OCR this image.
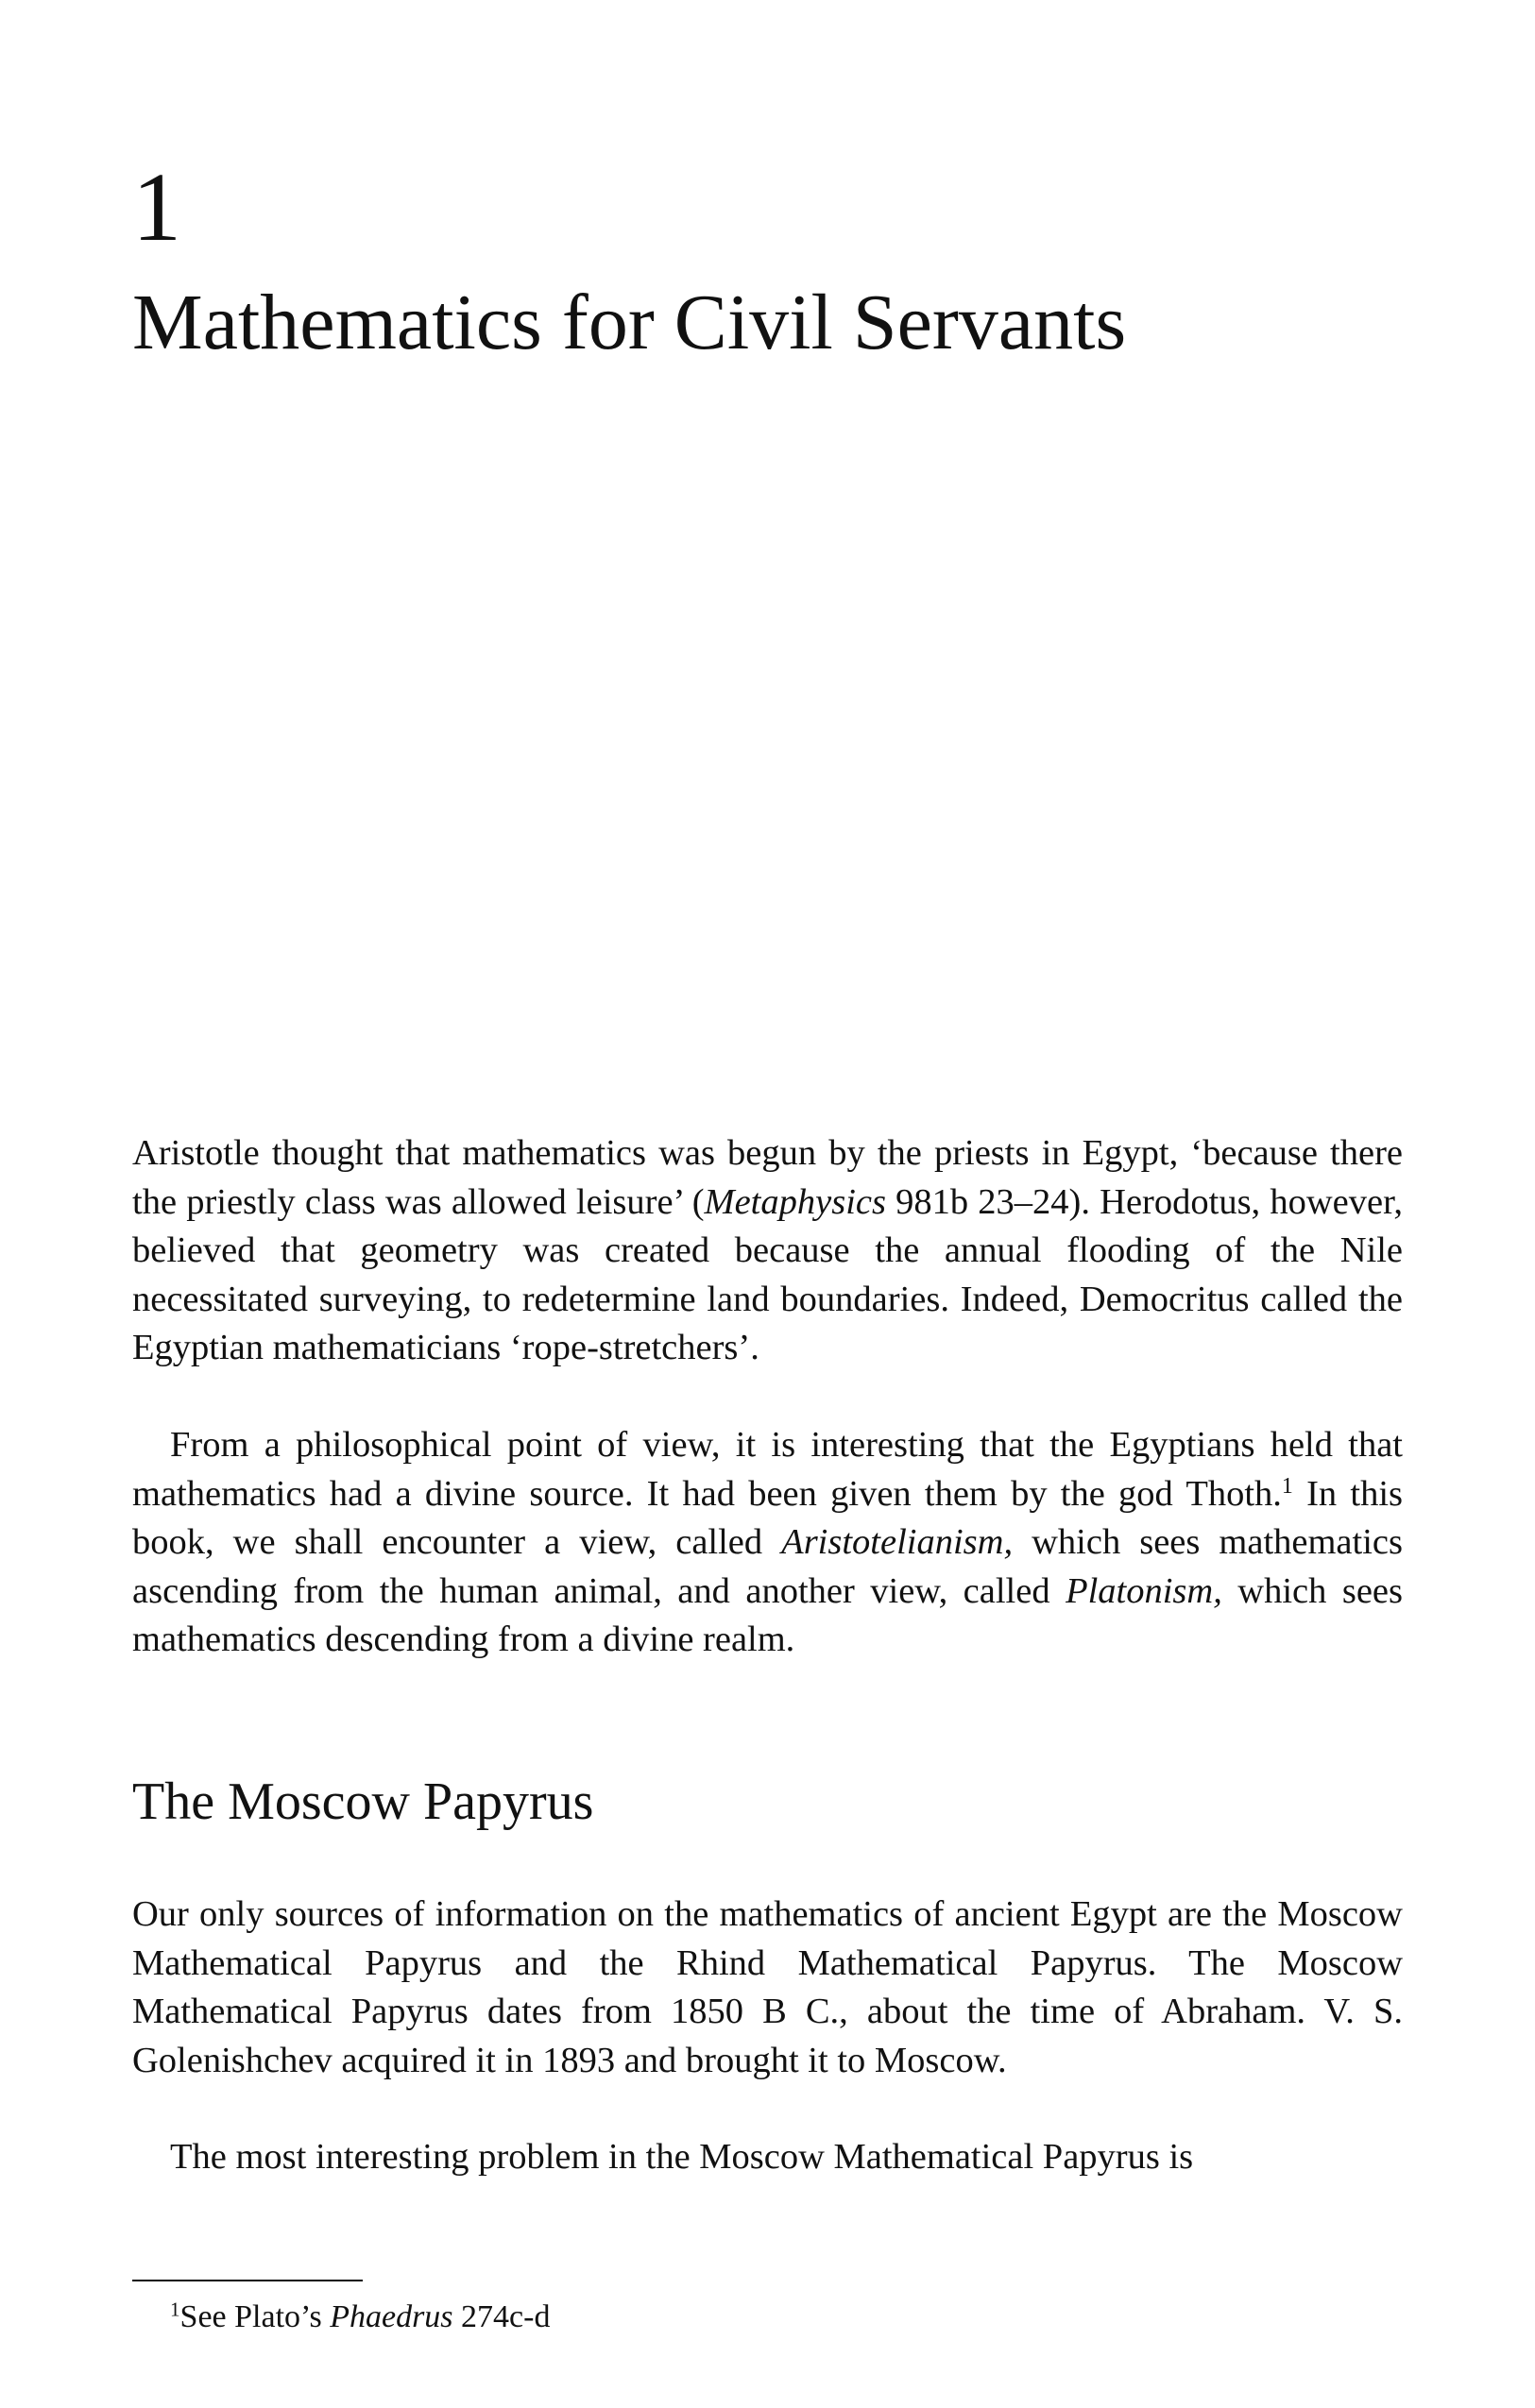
1
Mathematics for Civil Servants

Aristotle thought that mathematics was begun by the priests in Egypt, ‘because there the priestly class was allowed leisure’ (Metaphysics 981b 23–24). Herodotus, however, believed that geometry was created because the annual flooding of the Nile necessitated surveying, to redetermine land boundaries. Indeed, Democritus called the Egyptian mathematicians ‘rope-stretchers’.

From a philosophical point of view, it is interesting that the Egyptians held that mathematics had a divine source. It had been given them by the god Thoth.$^1$ In this book, we shall encounter a view, called Aristotelianism, which sees mathematics ascending from the human animal, and another view, called Platonism, which sees mathematics descending from a divine realm.

The Moscow Papyrus

Our only sources of information on the mathematics of ancient Egypt are the Moscow Mathematical Papyrus and the Rhind Mathematical Papyrus. The Moscow Mathematical Papyrus dates from 1850 B C., about the time of Abraham. V. S. Golenishchev acquired it in 1893 and brought it to Moscow.

The most interesting problem in the Moscow Mathematical Papyrus is

$^1$See Plato’s Phaedrus 274c-d
